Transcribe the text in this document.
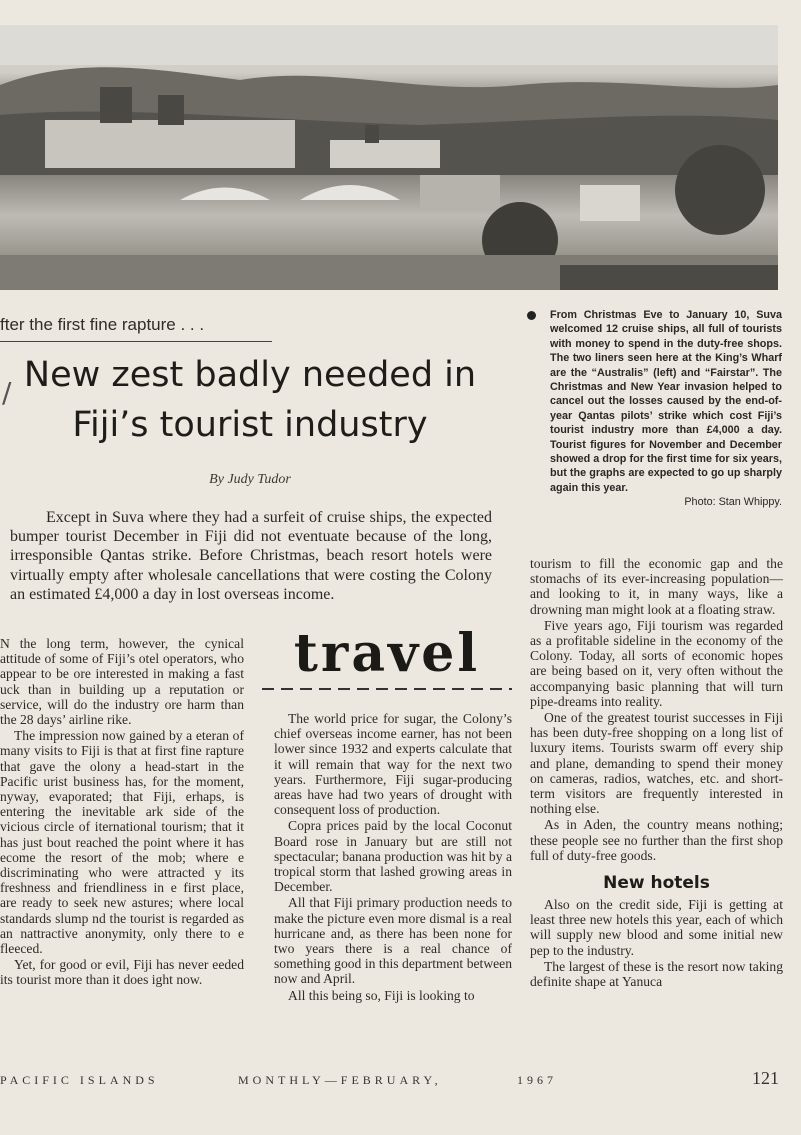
fter the first fine rapture . . .
/ New zest badly needed in
Fiji’s tourist industry
By Judy Tudor
Except in Suva where they had a surfeit of cruise ships, the expected bumper tourist December in Fiji did not eventuate because of the long, irresponsible Qantas strike. Before Christmas, beach resort hotels were virtually empty after wholesale cancellations that were costing the Colony an estimated £4,000 a day in lost overseas income.
From Christmas Eve to January 10, Suva welcomed 12 cruise ships, all full of tourists with money to spend in the duty-free shops. The two liners seen here at the King’s Wharf are the “Australis” (left) and “Fairstar”. The Christmas and New Year invasion helped to cancel out the losses caused by the end-of-year Qantas pilots’ strike which cost Fiji’s tourist industry more than £4,000 a day. Tourist figures for November and December showed a drop for the first time for six years, but the graphs are expected to go up sharply again this year.
Photo: Stan Whippy.

N the long term, however, the cynical attitude of some of Fiji’s otel operators, who appear to be ore interested in making a fast uck than in building up a reputation or service, will do the industry ore harm than the 28 days’ airline rike.

The impression now gained by a eteran of many visits to Fiji is that at first fine rapture that gave the olony a head-start in the Pacific urist business has, for the moment, nyway, evaporated; that Fiji, erhaps, is entering the inevitable ark side of the vicious circle of iternational tourism; that it has just bout reached the point where it has ecome the resort of the mob; where e discriminating who were attracted y its freshness and friendliness in e first place, are ready to seek new astures; where local standards slump nd the tourist is regarded as an nattractive anonymity, only there to e fleeced.

Yet, for good or evil, Fiji has never eeded its tourist more than it does ight now.

travel

The world price for sugar, the Colony’s chief overseas income earner, has not been lower since 1932 and experts calculate that it will remain that way for the next two years. Furthermore, Fiji sugar-producing areas have had two years of drought with consequent loss of production.

Copra prices paid by the local Coconut Board rose in January but are still not spectacular; banana production was hit by a tropical storm that lashed growing areas in December.

All that Fiji primary production needs to make the picture even more dismal is a real hurricane and, as there has been none for two years there is a real chance of something good in this department between now and April.

All this being so, Fiji is looking to

tourism to fill the economic gap and the stomachs of its ever-increasing population—and looking to it, in many ways, like a drowning man might look at a floating straw.

Five years ago, Fiji tourism was regarded as a profitable sideline in the economy of the Colony. Today, all sorts of economic hopes are being based on it, very often without the accompanying basic planning that will turn pipe-dreams into reality.

One of the greatest tourist successes in Fiji has been duty-free shopping on a long list of luxury items. Tourists swarm off every ship and plane, demanding to spend their money on cameras, radios, watches, etc. and short-term visitors are frequently interested in nothing else.

As in Aden, the country means nothing; these people see no further than the first shop full of duty-free goods.

New hotels

Also on the credit side, Fiji is getting at least three new hotels this year, each of which will supply new blood and some initial new pep to the industry.

The largest of these is the resort now taking definite shape at Yanuca

PACIFIC ISLANDS	MONTHLY—FEBRUARY,	1967	121
